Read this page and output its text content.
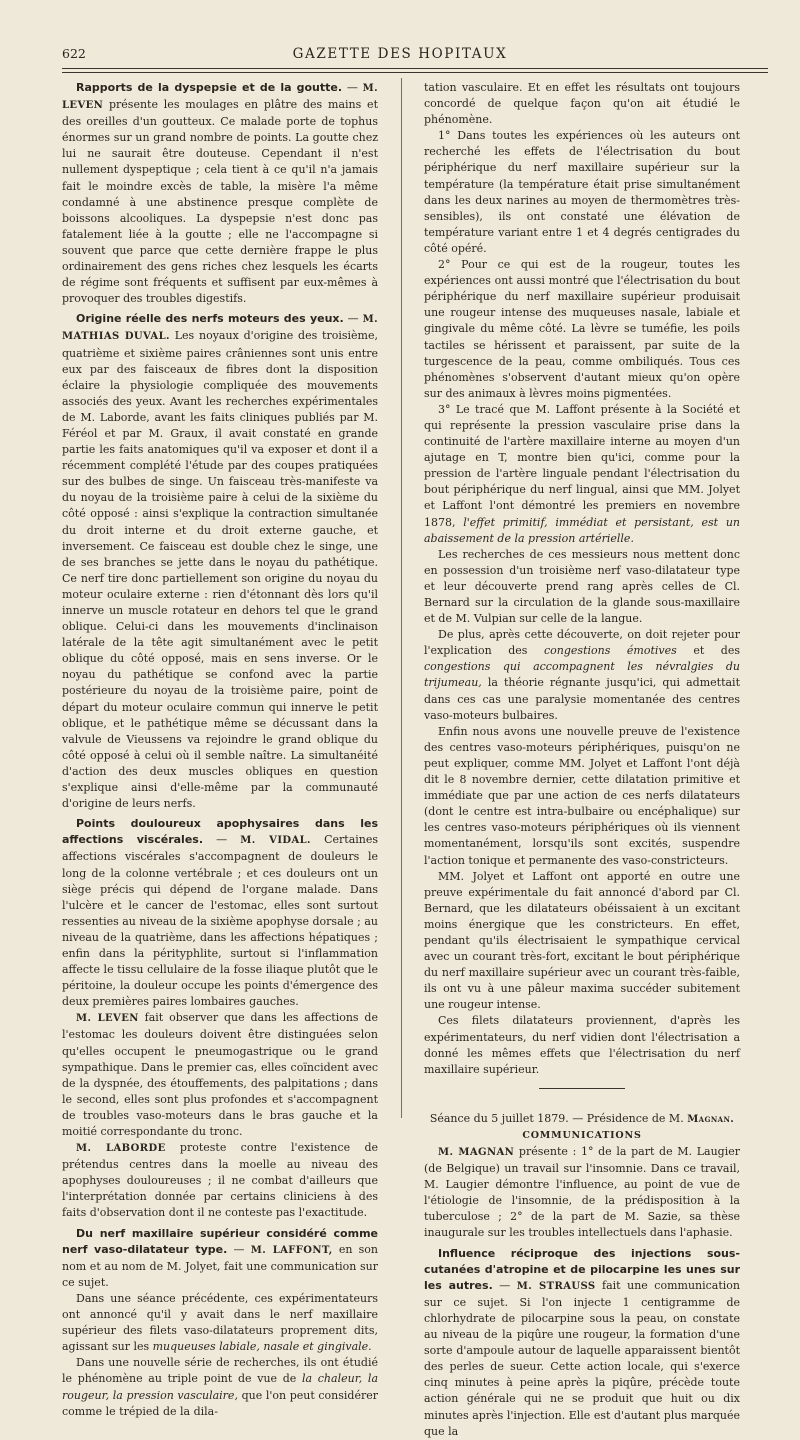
622	GAZETTE DES HOPITAUX

Rapports de la dyspepsie et de la goutte. — M. LEVEN présente les moulages en plâtre des mains et des oreilles d'un goutteux. Ce malade porte de tophus énormes sur un grand nombre de points. La goutte chez lui ne saurait être douteuse. Cependant il n'est nullement dyspeptique ; cela tient à ce qu'il n'a jamais fait le moindre excès de table, la misère l'a même condamné à une abstinence presque complète de boissons alcooliques. La dyspepsie n'est donc pas fatalement liée à la goutte ; elle ne l'accompagne si souvent que parce que cette dernière frappe le plus ordinairement des gens riches chez lesquels les écarts de régime sont fréquents et suffisent par eux-mêmes à provoquer des troubles digestifs.

Origine réelle des nerfs moteurs des yeux. — M. MATHIAS DUVAL. Les noyaux d'origine des troisième, quatrième et sixième paires crâniennes sont unis entre eux par des faisceaux de fibres dont la disposition éclaire la physiologie compliquée des mouvements associés des yeux. Avant les recherches expérimentales de M. Laborde, avant les faits cliniques publiés par M. Féréol et par M. Graux, il avait constaté en grande partie les faits anatomiques qu'il va exposer et dont il a récemment complété l'étude par des coupes pratiquées sur des bulbes de singe. Un faisceau très-manifeste va du noyau de la troisième paire à celui de la sixième du côté opposé : ainsi s'explique la contraction simultanée du droit interne et du droit externe gauche, et inversement. Ce faisceau est double chez le singe, une de ses branches se jette dans le noyau du pathétique. Ce nerf tire donc partiellement son origine du noyau du moteur oculaire externe : rien d'étonnant dès lors qu'il innerve un muscle rotateur en dehors tel que le grand oblique. Celui-ci dans les mouvements d'inclinaison latérale de la tête agit simultanément avec le petit oblique du côté opposé, mais en sens inverse. Or le noyau du pathétique se confond avec la partie postérieure du noyau de la troisième paire, point de départ du moteur oculaire commun qui innerve le petit oblique, et le pathétique même se décussant dans la valvule de Vieussens va rejoindre le grand oblique du côté opposé à celui où il semble naître. La simultanéité d'action des deux muscles obliques en question s'explique ainsi d'elle-même par la communauté d'origine de leurs nerfs.

Points douloureux apophysaires dans les affections viscérales. — M. VIDAL. Certaines affections viscérales s'accompagnent de douleurs le long de la colonne vertébrale ; et ces douleurs ont un siège précis qui dépend de l'organe malade. Dans l'ulcère et le cancer de l'estomac, elles sont surtout ressenties au niveau de la sixième apophyse dorsale ; au niveau de la quatrième, dans les affections hépatiques ; enfin dans la pérityphlite, surtout si l'inflammation affecte le tissu cellulaire de la fosse iliaque plutôt que le péritoine, la douleur occupe les points d'émergence des deux premières paires lombaires gauches.

M. LEVEN fait observer que dans les affections de l'estomac les douleurs doivent être distinguées selon qu'elles occupent le pneumogastrique ou le grand sympathique. Dans le premier cas, elles coïncident avec de la dyspnée, des étouffements, des palpitations ; dans le second, elles sont plus profondes et s'accompagnent de troubles vaso-moteurs dans le bras gauche et la moitié correspondante du tronc.

M. LABORDE proteste contre l'existence de prétendus centres dans la moelle au niveau des apophyses douloureuses ; il ne combat d'ailleurs que l'interprétation donnée par certains cliniciens à des faits d'observation dont il ne conteste pas l'exactitude.

Du nerf maxillaire supérieur considéré comme nerf vaso-dilatateur type. — M. LAFFONT, en son nom et au nom de M. Jolyet, fait une communication sur ce sujet.

Dans une séance précédente, ces expérimentateurs ont annoncé qu'il y avait dans le nerf maxillaire supérieur des filets vaso-dilatateurs proprement dits, agissant sur les muqueuses labiale, nasale et gingivale.

Dans une nouvelle série de recherches, ils ont étudié le phénomène au triple point de vue de la chaleur, la rougeur, la pression vasculaire, que l'on peut considérer comme le trépied de la dila-

tation vasculaire. Et en effet les résultats ont toujours concordé de quelque façon qu'on ait étudié le phénomène.

1° Dans toutes les expériences où les auteurs ont recherché les effets de l'électrisation du bout périphérique du nerf maxillaire supérieur sur la température (la température était prise simultanément dans les deux narines au moyen de thermomètres très-sensibles), ils ont constaté une élévation de température variant entre 1 et 4 degrés centigrades du côté opéré.

2° Pour ce qui est de la rougeur, toutes les expériences ont aussi montré que l'électrisation du bout périphérique du nerf maxillaire supérieur produisait une rougeur intense des muqueuses nasale, labiale et gingivale du même côté. La lèvre se tuméfie, les poils tactiles se hérissent et paraissent, par suite de la turgescence de la peau, comme ombiliqués. Tous ces phénomènes s'observent d'autant mieux qu'on opère sur des animaux à lèvres moins pigmentées.

3° Le tracé que M. Laffont présente à la Société et qui représente la pression vasculaire prise dans la continuité de l'artère maxillaire interne au moyen d'un ajutage en T, montre bien qu'ici, comme pour la pression de l'artère linguale pendant l'électrisation du bout périphérique du nerf lingual, ainsi que MM. Jolyet et Laffont l'ont démontré les premiers en novembre 1878, l'effet primitif, immédiat et persistant, est un abaissement de la pression artérielle.

Les recherches de ces messieurs nous mettent donc en possession d'un troisième nerf vaso-dilatateur type et leur découverte prend rang après celles de Cl. Bernard sur la circulation de la glande sous-maxillaire et de M. Vulpian sur celle de la langue.

De plus, après cette découverte, on doit rejeter pour l'explication des congestions émotives et des congestions qui accompagnent les névralgies du trijumeau, la théorie régnante jusqu'ici, qui admettait dans ces cas une paralysie momentanée des centres vaso-moteurs bulbaires.

Enfin nous avons une nouvelle preuve de l'existence des centres vaso-moteurs périphériques, puisqu'on ne peut expliquer, comme MM. Jolyet et Laffont l'ont déjà dit le 8 novembre dernier, cette dilatation primitive et immédiate que par une action de ces nerfs dilatateurs (dont le centre est intra-bulbaire ou encéphalique) sur les centres vaso-moteurs périphériques où ils viennent momentanément, lorsqu'ils sont excités, suspendre l'action tonique et permanente des vaso-constricteurs.

MM. Jolyet et Laffont ont apporté en outre une preuve expérimentale du fait annoncé d'abord par Cl. Bernard, que les dilatateurs obéissaient à un excitant moins énergique que les constricteurs. En effet, pendant qu'ils électrisaient le sympathique cervical avec un courant très-fort, excitant le bout périphérique du nerf maxillaire supérieur avec un courant très-faible, ils ont vu à une pâleur maxima succéder subitement une rougeur intense.

Ces filets dilatateurs proviennent, d'après les expérimentateurs, du nerf vidien dont l'électrisation a donné les mêmes effets que l'électrisation du nerf maxillaire supérieur.

Séance du 5 juillet 1879. — Présidence de M. Magnan.

COMMUNICATIONS

M. MAGNAN présente : 1° de la part de M. Laugier (de Belgique) un travail sur l'insomnie. Dans ce travail, M. Laugier démontre l'influence, au point de vue de l'étiologie de l'insomnie, de la prédisposition à la tuberculose ; 2° de la part de M. Sazie, sa thèse inaugurale sur les troubles intellectuels dans l'aphasie.

Influence réciproque des injections sous-cutanées d'atropine et de pilocarpine les unes sur les autres. — M. STRAUSS fait une communication sur ce sujet. Si l'on injecte 1 centigramme de chlorhydrate de pilocarpine sous la peau, on constate au niveau de la piqûre une rougeur, la formation d'une sorte d'ampoule autour de laquelle apparaissent bientôt des perles de sueur. Cette action locale, qui s'exerce cinq minutes à peine après la piqûre, précède toute action générale qui ne se produit que huit ou dix minutes après l'injection. Elle est d'autant plus marquée que la
